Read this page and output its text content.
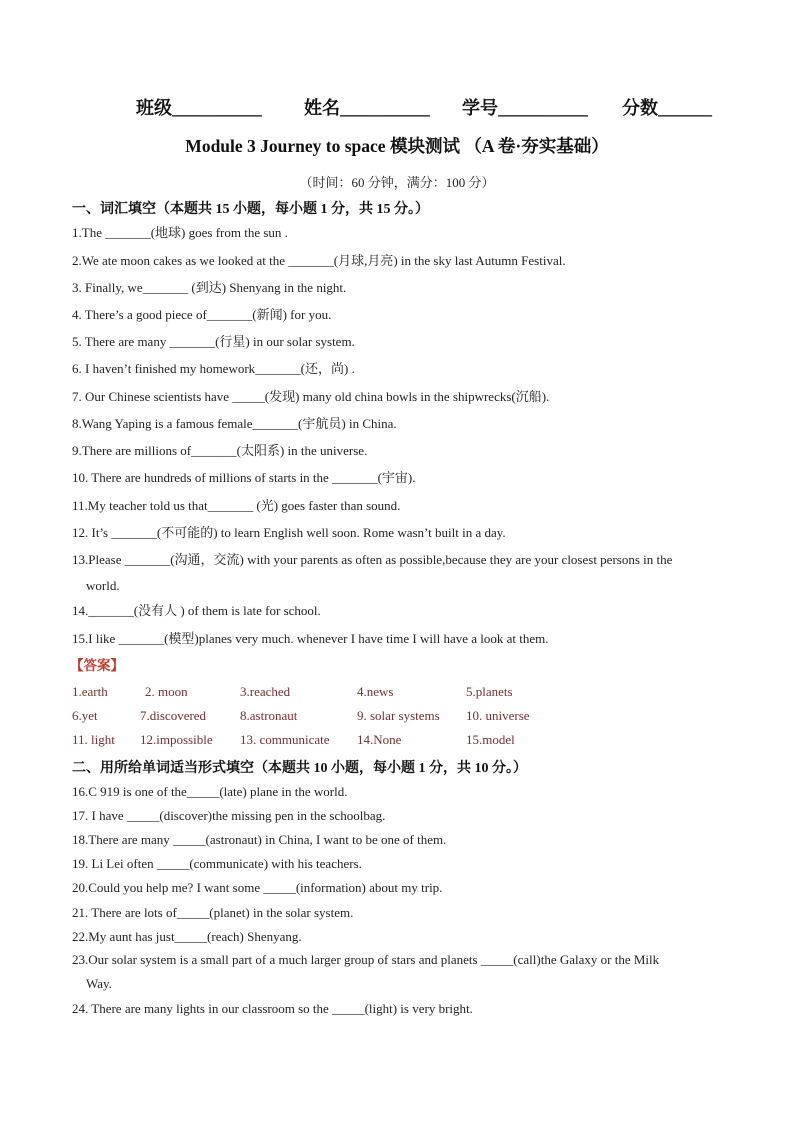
班级__________ 姓名__________ 学号__________ 分数______
Module 3 Journey to space 模块测试 （A 卷·夯实基础）
（时间：60 分钟，满分：100 分）
一、词汇填空（本题共 15 小题，每小题 1 分，共 15 分。）
1.The _______(地球) goes from the sun .
2.We ate moon cakes as we looked at the _______(月球,月亮) in the sky last Autumn Festival.
3. Finally, we_______ (到达) Shenyang in the night.
4. There’s a good piece of_______(新闻) for you.
5. There are many _______(行星) in our solar system.
6. I haven’t finished my homework_______(还，尚) .
7. Our Chinese scientists have _____(发现) many old china bowls in the shipwrecks(沉船).
8.Wang Yaping is a famous female_______(宇航员) in China.
9.There are millions of_______(太阳系) in the universe.
10. There are hundreds of millions of starts in the _______(宇宙).
11.My teacher told us that_______ (光) goes faster than sound.
12. It’s _______(不可能的) to learn English well soon. Rome wasn’t built in a day.
13.Please _______(沟通，交流) with your parents as often as possible,because they are your closest persons in the
world.
14._______(没有人 ) of them is late for school.
15.I like _______(模型)planes very much. whenever I have time I will have a look at them.
【答案】
1.earth	2. moon	3.reached	4.news	5.planets
6.yet	7.discovered	8.astronaut	9. solar systems 10. universe
11. light 12.impossible 13. communicate 14.None	15.model
二、用所给单词适当形式填空（本题共 10 小题，每小题 1 分，共 10 分。）
16.C 919 is one of the_____(late) plane in the world.
17. I have _____(discover)the missing pen in the schoolbag.
18.There are many _____(astronaut) in China, I want to be one of them.
19. Li Lei often _____(communicate) with his teachers.
20.Could you help me? I want some _____(information) about my trip.
21. There are lots of_____(planet) in the solar system.
22.My aunt has just_____(reach) Shenyang.
23.Our solar system is a small part of a much larger group of stars and planets _____(call)the Galaxy or the Milk
Way.
24. There are many lights in our classroom so the _____(light) is very bright.
